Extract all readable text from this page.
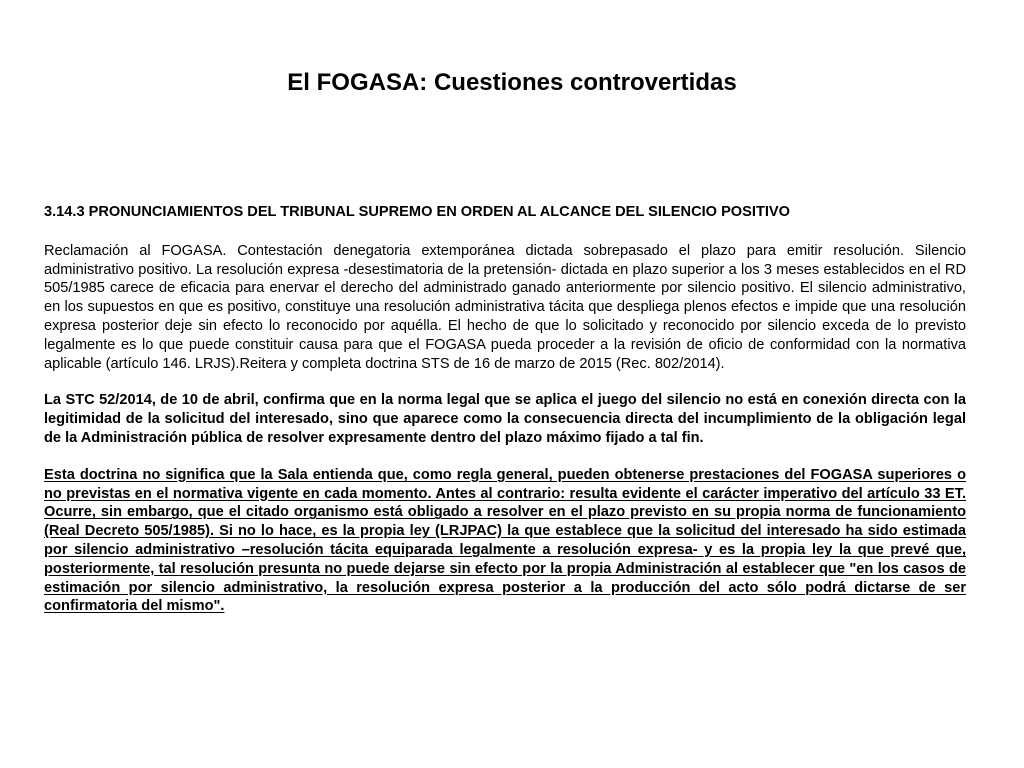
El FOGASA: Cuestiones controvertidas

3.14.3 PRONUNCIAMIENTOS DEL TRIBUNAL SUPREMO EN ORDEN AL ALCANCE DEL SILENCIO POSITIVO

Reclamación al FOGASA. Contestación denegatoria extemporánea dictada sobrepasado el plazo para emitir resolución. Silencio administrativo positivo. La resolución expresa -desestimatoria de la pretensión- dictada en plazo superior a los 3 meses establecidos en el RD 505/1985 carece de eficacia para enervar el derecho del administrado ganado anteriormente por silencio positivo. El silencio administrativo, en los supuestos en que es positivo, constituye una resolución administrativa tácita que despliega plenos efectos e impide que una resolución expresa posterior deje sin efecto lo reconocido por aquélla. El hecho de que lo solicitado y reconocido por silencio exceda de lo previsto legalmente es lo que puede constituir causa para que el FOGASA pueda proceder a la revisión de oficio de conformidad con la normativa aplicable (artículo 146. LRJS).Reitera y completa doctrina STS de 16 de marzo de 2015 (Rec. 802/2014).

La STC 52/2014, de 10 de abril, confirma que en la norma legal que se aplica el juego del silencio no está en conexión directa con la legitimidad de la solicitud del interesado, sino que aparece como la consecuencia directa del incumplimiento de la obligación legal de la Administración pública de resolver expresamente dentro del plazo máximo fijado a tal fin.

Esta doctrina no significa que la Sala entienda que, como regla general, pueden obtenerse prestaciones del FOGASA superiores o no previstas en el normativa vigente en cada momento. Antes al contrario: resulta evidente el carácter imperativo del artículo 33 ET. Ocurre, sin embargo, que el citado organismo está obligado a resolver en el plazo previsto en su propia norma de funcionamiento (Real Decreto 505/1985). Si no lo hace, es la propia ley (LRJPAC) la que establece que la solicitud del interesado ha sido estimada por silencio administrativo –resolución tácita equiparada legalmente a resolución expresa- y es la propia ley la que prevé que, posteriormente, tal resolución presunta no puede dejarse sin efecto por la propia Administración al establecer que "en los casos de estimación por silencio administrativo, la resolución expresa posterior a la producción del acto sólo podrá dictarse de ser confirmatoria del mismo".
